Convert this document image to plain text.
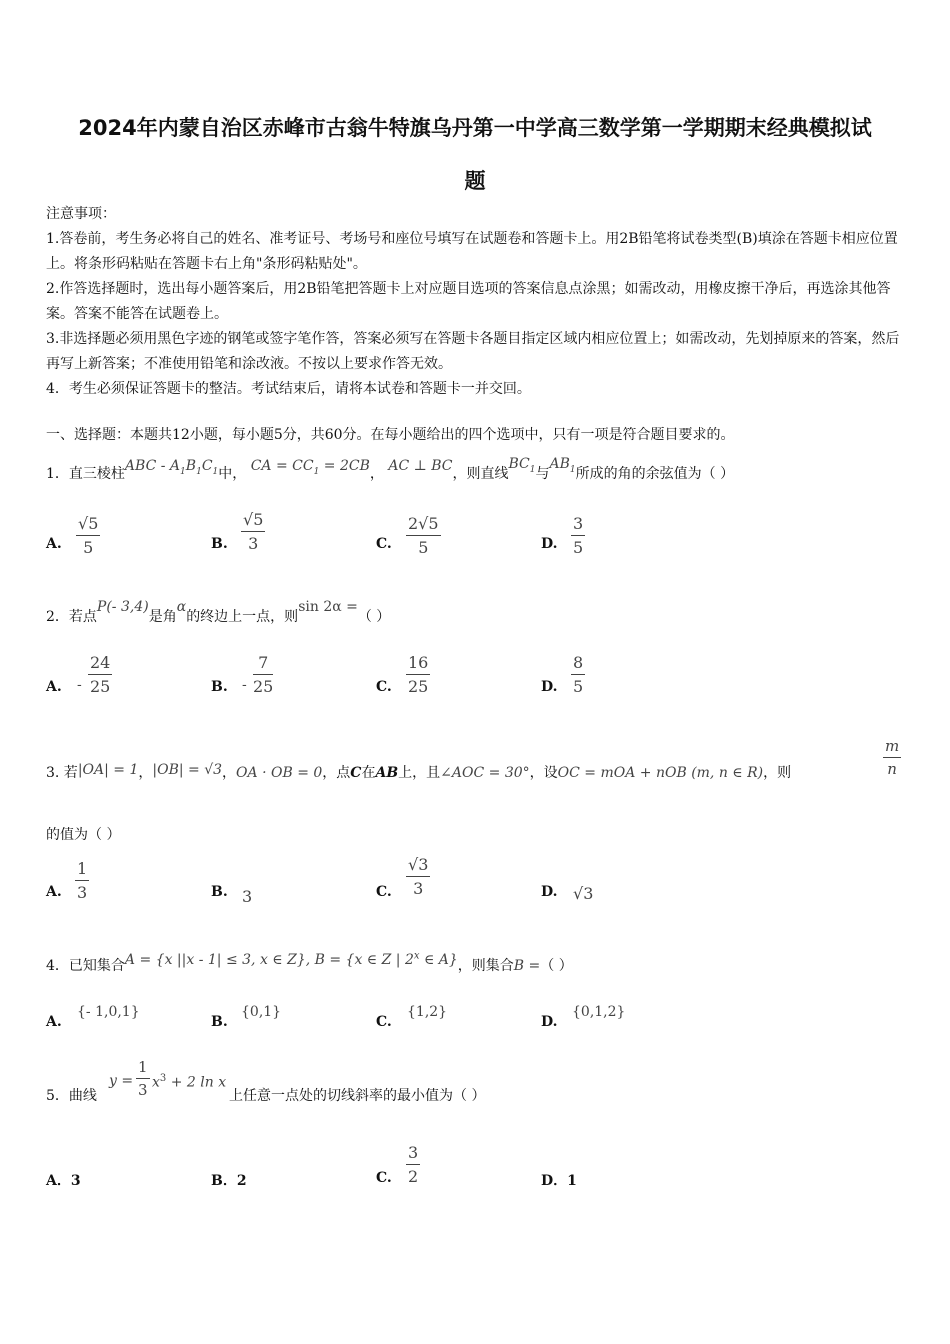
2024年内蒙自治区赤峰市古翁牛特旗乌丹第一中学高三数学第一学期期末经典模拟试
题

注意事项：

1.答卷前，考生务必将自己的姓名、准考证号、考场号和座位号填写在试题卷和答题卡上。用2B铅笔将试卷类型(B)填涂在答题卡相应位置上。将条形码粘贴在答题卡右上角"条形码粘贴处"。

2.作答选择题时，选出每小题答案后，用2B铅笔把答题卡上对应题目选项的答案信息点涂黑；如需改动，用橡皮擦干净后，再选涂其他答案。答案不能答在试题卷上。

3.非选择题必须用黑色字迹的钢笔或签字笔作答，答案必须写在答题卡各题目指定区域内相应位置上；如需改动，先划掉原来的答案，然后再写上新答案；不准使用铅笔和涂改液。不按以上要求作答无效。

4．考生必须保证答题卡的整洁。考试结束后，请将本试卷和答题卡一并交回。

一、选择题：本题共12小题，每小题5分，共60分。在每小题给出的四个选项中，只有一项是符合题目要求的。
1．直三棱柱ABC - $A_1B_1C_1$中， CA = $CC_1 = 2CB$， AC ⊥ BC，则直线$BC_1$与$AB_1$所成的角的余弦值为（ ）
A.
√5
5	B.
√5
3	C.
2√5
5	D.
3
5
2．若点P(- 3,4)是角α的终边上一点，则sin 2α =（ ）
A. -
24
25	B. -
7
25	C.
16
25	D.
8
5
3. 若|OA| = 1，|OB| = √3，OA · OB = 0，点C在AB上，且∠AOC = 30°，设OC = mOA + nOB (m, n ∈ R)，则
m
n
的值为（ ）
A.
1
3	B. 3	C.
√3
3	D. √3
4．已知集合A = {x ||x - 1| ≤ 3, x ∈ Z}, B = {x ∈ Z | 2$^x$ ∈ A}，则集合B =（ ）
A.
{- 1,0,1}
B.
{0,1}
C.
{1,2}
D.
{0,1,2}
5．曲线
y =
1
3 $x^3 + 2$ ln x
上任意一点处的切线斜率的最小值为（ ）
A．3	B．2	C.
3
2	D．1
